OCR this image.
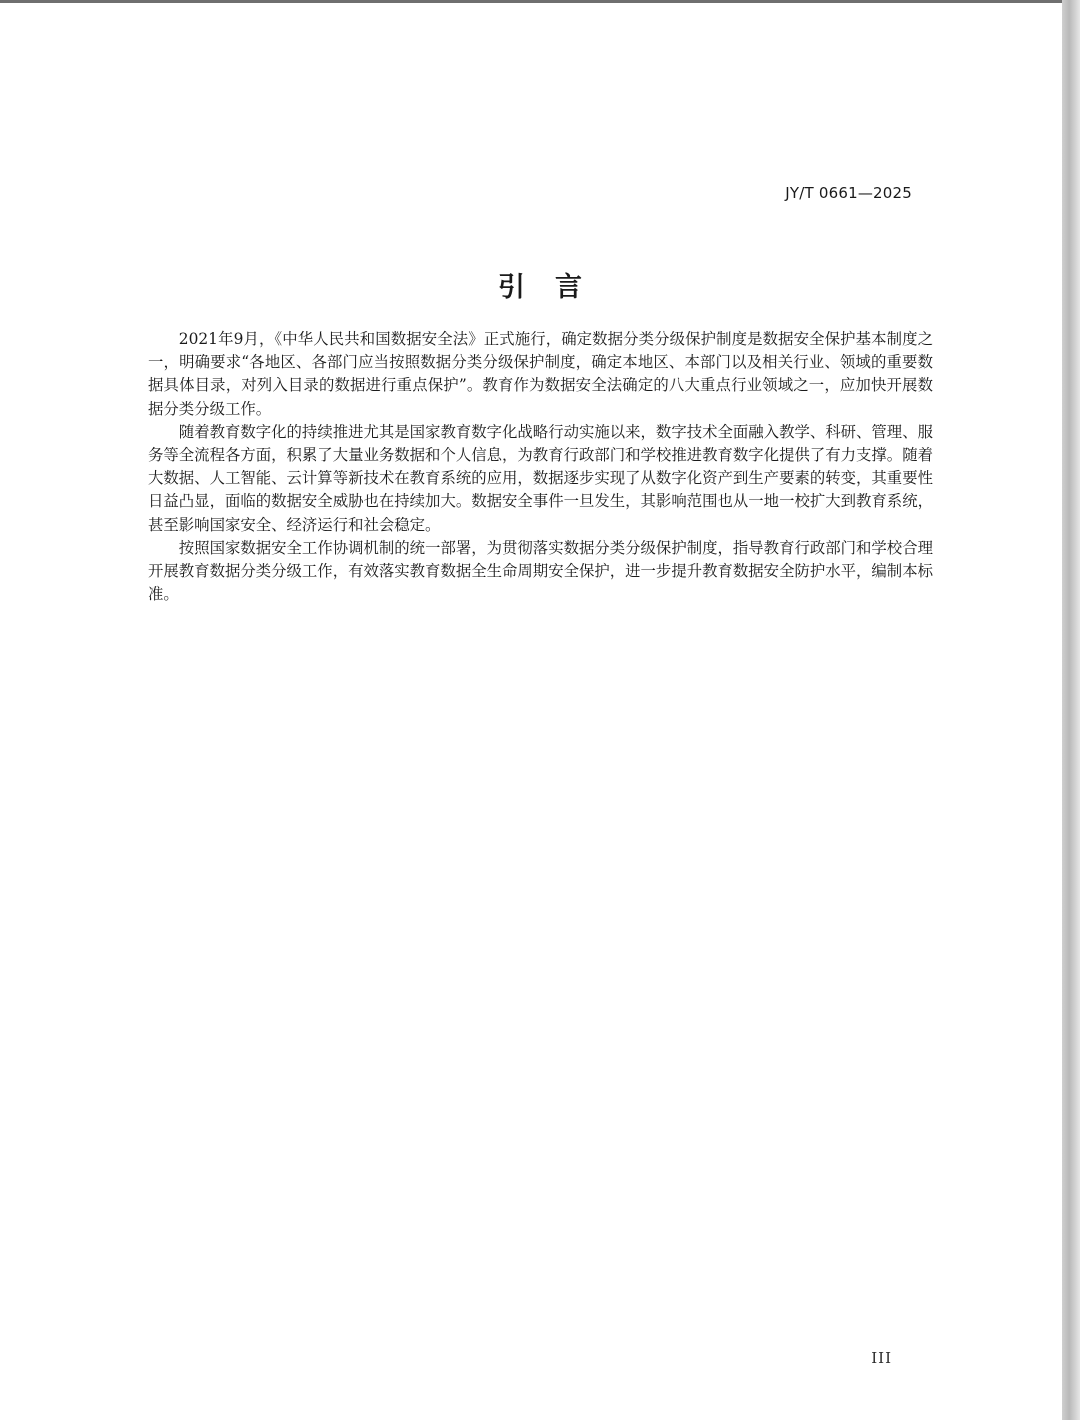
JY/T 0661—2025
引言

2021年9月，《中华人民共和国数据安全法》正式施行，确定数据分类分级保护制度是数据安全保护基本制度之一，明确要求“各地区、各部门应当按照数据分类分级保护制度，确定本地区、本部门以及相关行业、领域的重要数据具体目录，对列入目录的数据进行重点保护”。教育作为数据安全法确定的八大重点行业领域之一，应加快开展数据分类分级工作。

随着教育数字化的持续推进尤其是国家教育数字化战略行动实施以来，数字技术全面融入教学、科研、管理、服务等全流程各方面，积累了大量业务数据和个人信息，为教育行政部门和学校推进教育数字化提供了有力支撑。随着大数据、人工智能、云计算等新技术在教育系统的应用，数据逐步实现了从数字化资产到生产要素的转变，其重要性日益凸显，面临的数据安全威胁也在持续加大。数据安全事件一旦发生，其影响范围也从一地一校扩大到教育系统，甚至影响国家安全、经济运行和社会稳定。

按照国家数据安全工作协调机制的统一部署，为贯彻落实数据分类分级保护制度，指导教育行政部门和学校合理开展教育数据分类分级工作，有效落实教育数据全生命周期安全保护，进一步提升教育数据安全防护水平，编制本标准。

III
